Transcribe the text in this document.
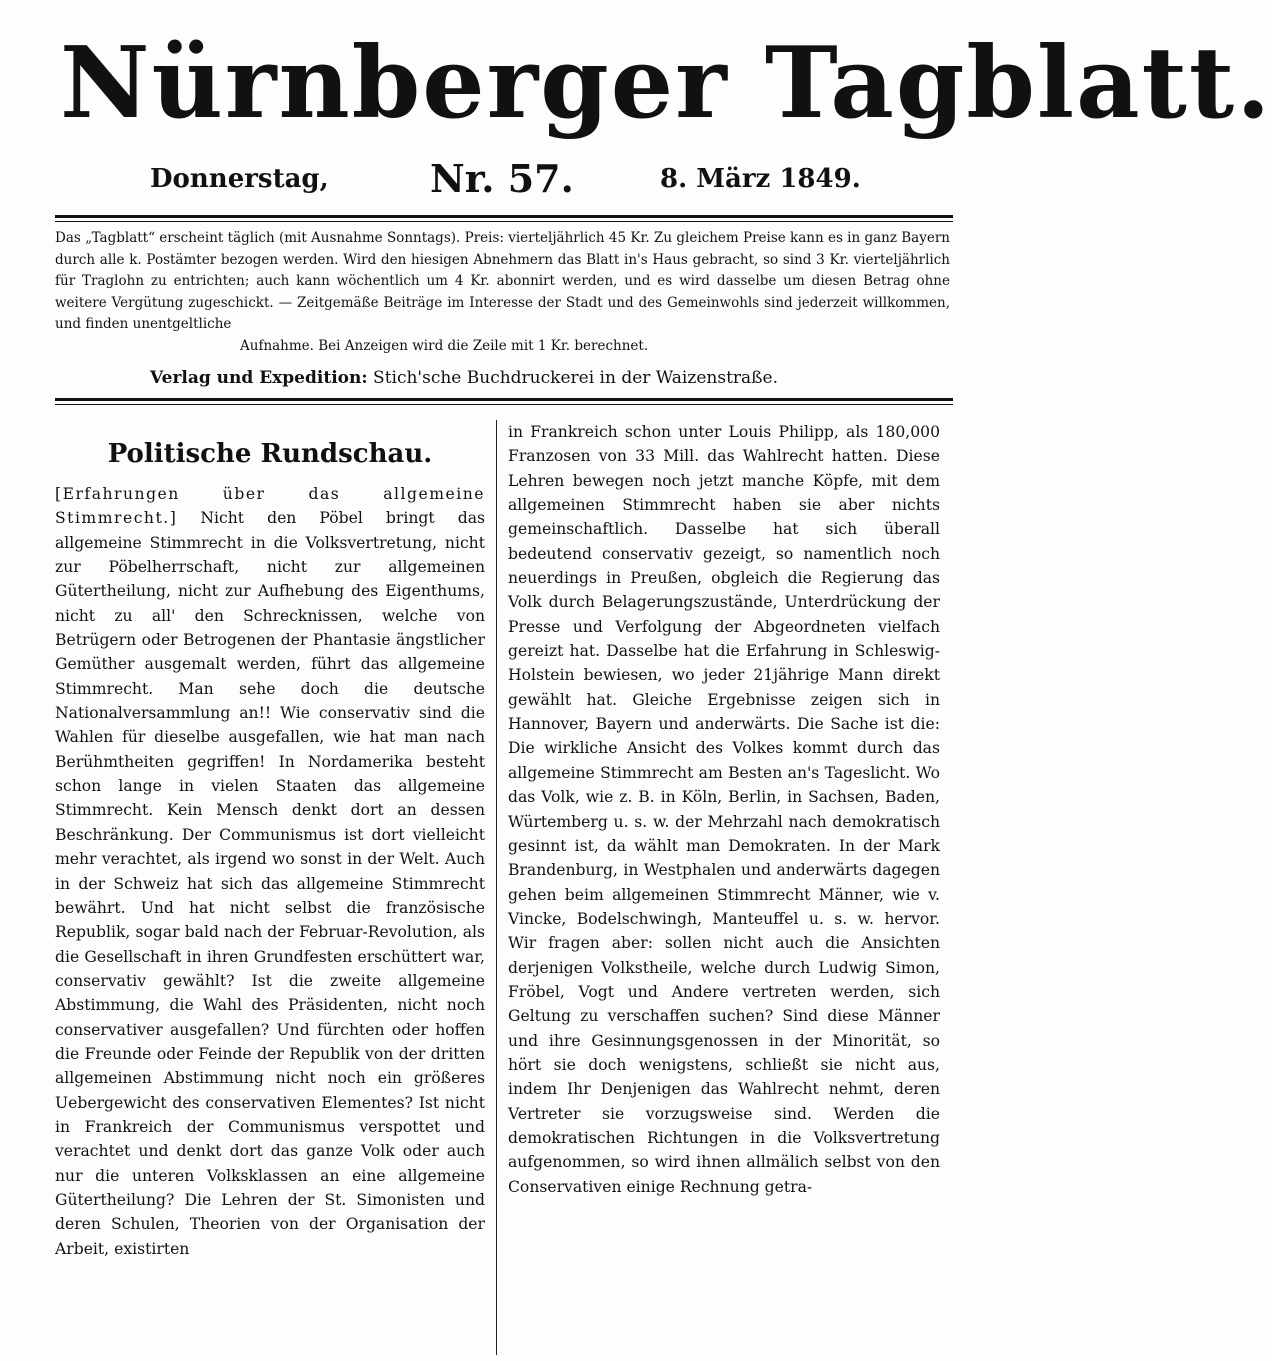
Nürnberger Tagblatt.
Donnerstag,	Nr. 57.	8. März 1849.

Das „Tagblatt“ erscheint täglich (mit Ausnahme Sonntags). Preis: vierteljährlich 45 Kr. Zu gleichem Preise kann es in ganz Bayern durch alle k. Postämter bezogen werden. Wird den hiesigen Abnehmern das Blatt in's Haus gebracht, so sind 3 Kr. vierteljährlich für Traglohn zu entrichten; auch kann wöchentlich um 4 Kr. abonnirt werden, und es wird dasselbe um diesen Betrag ohne weitere Vergütung zugeschickt. — Zeitgemäße Beiträge im Interesse der Stadt und des Gemeinwohls sind jederzeit willkommen, und finden unentgeltliche

Aufnahme. Bei Anzeigen wird die Zeile mit 1 Kr. berechnet.
Verlag und Expedition: Stich'sche Buchdruckerei in der Waizenstraße.
Politische Rundschau.

[Erfahrungen über das allgemeine Stimmrecht.] Nicht den Pöbel bringt das allgemeine Stimmrecht in die Volksvertretung, nicht zur Pöbelherrschaft, nicht zur allgemeinen Gütertheilung, nicht zur Aufhebung des Eigenthums, nicht zu all' den Schrecknissen, welche von Betrügern oder Betrogenen der Phantasie ängstlicher Gemüther ausgemalt werden, führt das allgemeine Stimmrecht. Man sehe doch die deutsche Nationalversammlung an!! Wie conservativ sind die Wahlen für dieselbe ausgefallen, wie hat man nach Berühmtheiten gegriffen! In Nordamerika besteht schon lange in vielen Staaten das allgemeine Stimmrecht. Kein Mensch denkt dort an dessen Beschränkung. Der Communismus ist dort vielleicht mehr verachtet, als irgend wo sonst in der Welt. Auch in der Schweiz hat sich das allgemeine Stimmrecht bewährt. Und hat nicht selbst die französische Republik, sogar bald nach der Februar-Revolution, als die Gesellschaft in ihren Grundfesten erschüttert war, conservativ gewählt? Ist die zweite allgemeine Abstimmung, die Wahl des Präsidenten, nicht noch conservativer ausgefallen? Und fürchten oder hoffen die Freunde oder Feinde der Republik von der dritten allgemeinen Abstimmung nicht noch ein größeres Uebergewicht des conservativen Elementes? Ist nicht in Frankreich der Communismus verspottet und verachtet und denkt dort das ganze Volk oder auch nur die unteren Volksklassen an eine allgemeine Gütertheilung? Die Lehren der St. Simonisten und deren Schulen, Theorien von der Organisation der Arbeit, existirten

in Frankreich schon unter Louis Philipp, als 180,000 Franzosen von 33 Mill. das Wahlrecht hatten. Diese Lehren bewegen noch jetzt manche Köpfe, mit dem allgemeinen Stimmrecht haben sie aber nichts gemeinschaftlich. Dasselbe hat sich überall bedeutend conservativ gezeigt, so namentlich noch neuerdings in Preußen, obgleich die Regierung das Volk durch Belagerungszustände, Unterdrückung der Presse und Verfolgung der Abgeordneten vielfach gereizt hat. Dasselbe hat die Erfahrung in Schleswig-Holstein bewiesen, wo jeder 21jährige Mann direkt gewählt hat. Gleiche Ergebnisse zeigen sich in Hannover, Bayern und anderwärts. Die Sache ist die: Die wirkliche Ansicht des Volkes kommt durch das allgemeine Stimmrecht am Besten an's Tageslicht. Wo das Volk, wie z. B. in Köln, Berlin, in Sachsen, Baden, Würtemberg u. s. w. der Mehrzahl nach demokratisch gesinnt ist, da wählt man Demokraten. In der Mark Brandenburg, in Westphalen und anderwärts dagegen gehen beim allgemeinen Stimmrecht Männer, wie v. Vincke, Bodelschwingh, Manteuffel u. s. w. hervor. Wir fragen aber: sollen nicht auch die Ansichten derjenigen Volkstheile, welche durch Ludwig Simon, Fröbel, Vogt und Andere vertreten werden, sich Geltung zu verschaffen suchen? Sind diese Männer und ihre Gesinnungsgenossen in der Minorität, so hört sie doch wenigstens, schließt sie nicht aus, indem Ihr Denjenigen das Wahlrecht nehmt, deren Vertreter sie vorzugsweise sind. Werden die demokratischen Richtungen in die Volksvertretung aufgenommen, so wird ihnen allmälich selbst von den Conservativen einige Rechnung getra-
